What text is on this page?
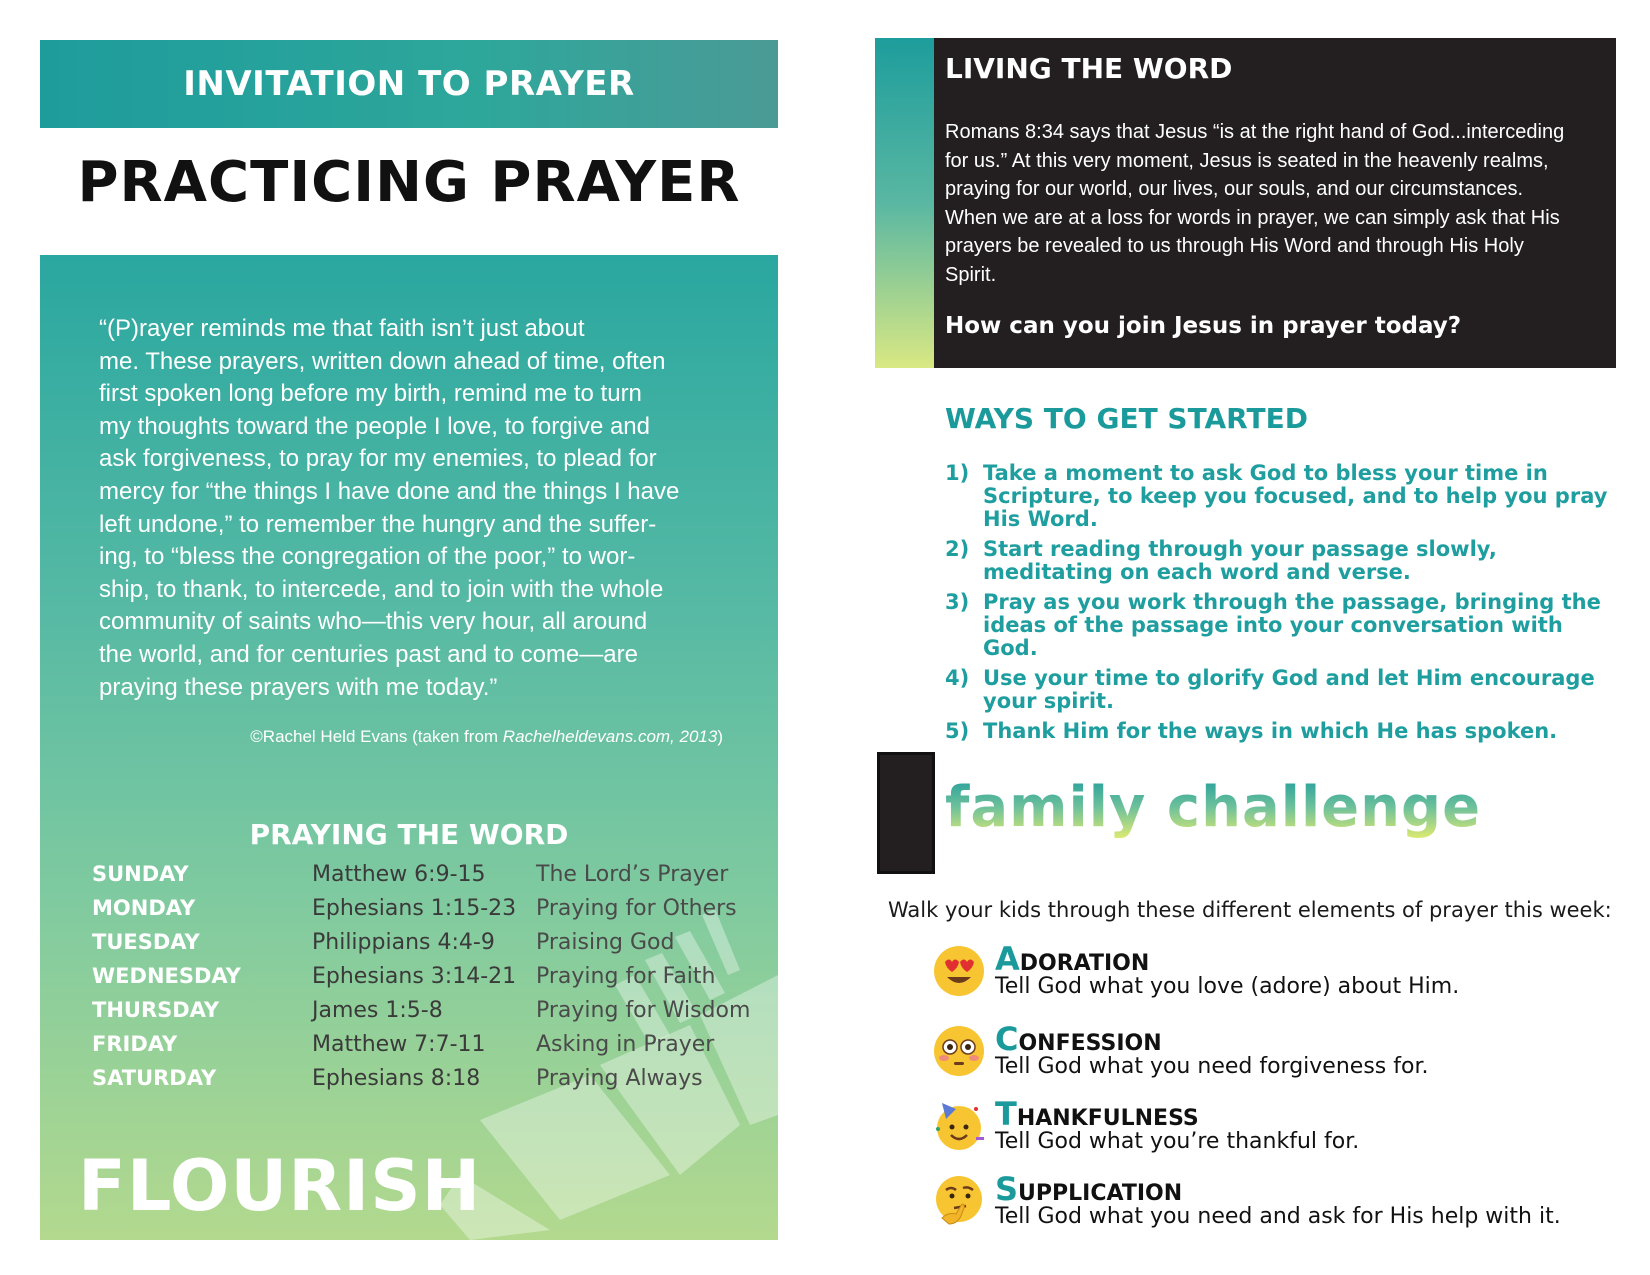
INVITATION TO PRAYER
PRACTICING PRAYER
“(P)rayer reminds me that faith isn’t just about
me. These prayers, written down ahead of time, often
first spoken long before my birth, remind me to turn
my thoughts toward the people I love, to forgive and
ask forgiveness, to pray for my enemies, to plead for
mercy for “the things I have done and the things I have
left undone,” to remember the hungry and the suffer-
ing, to “bless the congregation of the poor,” to wor-
ship, to thank, to intercede, and to join with the whole
community of saints who—this very hour, all around
the world, and for centuries past and to come—are
praying these prayers with me today.”
©Rachel Held Evans (taken from Rachelheldevans.com, 2013)
PRAYING THE WORD
SUNDAY	Matthew 6:9-15 The Lord’s Prayer
MONDAY	Ephesians 1:15-23 Praying for Others
TUESDAY	Philippians 4:4-9 Praising God
WEDNESDAY	Ephesians 3:14-21 Praying for Faith
THURSDAY	James 1:5-8	Praying for Wisdom
FRIDAY	Matthew 7:7-11 Asking in Prayer
SATURDAY	Ephesians 8:18	Praying Always
FLOURISH
LIVING THE WORD
Romans 8:34 says that Jesus “is at the right hand of God...interceding
for us.” At this very moment, Jesus is seated in the heavenly realms,
praying for our world, our lives, our souls, and our circumstances.
When we are at a loss for words in prayer, we can simply ask that His
prayers be revealed to us through His Word and through His Holy
Spirit.
How can you join Jesus in prayer today?
WAYS TO GET STARTED
1) Take a moment to ask God to bless your time in Scripture, to keep you focused, and to help you pray His Word.
2) Start reading through your passage slowly, meditating on each word and verse.
3) Pray as you work through the passage, bringing the ideas of the passage into your conversation with God.
4) Use your time to glorify God and let Him encourage your spirit.
5) Thank Him for the ways in which He has spoken.
family challenge
Walk your kids through these different elements of prayer this week:
ADORATION
Tell God what you love (adore) about Him.
CONFESSION
Tell God what you need forgiveness for.
THANKFULNESS
Tell God what you’re thankful for.
SUPPLICATION
Tell God what you need and ask for His help with it.
